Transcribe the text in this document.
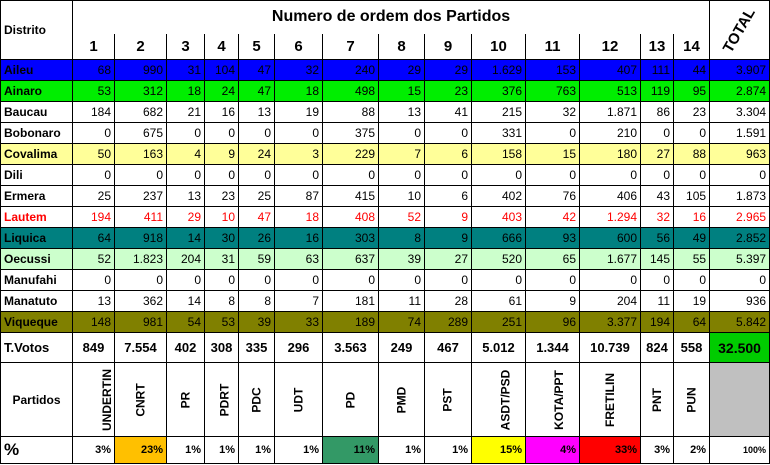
Distrito	Numero de ordem dos Partidos														TOTAL
	1	2	3	4	5	6	7	8	9	10	11	12	13	14	
Aileu	68	990	31	104	47	32	240	29	29	1.629	153	407	111	44	3.907
Ainaro	53	312	18	24	47	18	498	15	23	376	763	513	119	95	2.874
Baucau	184	682	21	16	13	19	88	13	41	215	32	1.871	86	23	3.304
Bobonaro	0	675	0	0	0	0	375	0	0	331	0	210	0	0	1.591
Covalima	50	163	4	9	24	3	229	7	6	158	15	180	27	88	963
Dili	0	0	0	0	0	0	0	0	0	0	0	0	0	0	0
Ermera	25	237	13	23	25	87	415	10	6	402	76	406	43	105	1.873
Lautem	194	411	29	10	47	18	408	52	9	403	42	1.294	32	16	2.965
Liquica	64	918	14	30	26	16	303	8	9	666	93	600	56	49	2.852
Oecussi	52	1.823	204	31	59	63	637	39	27	520	65	1.677	145	55	5.397
Manufahi	0	0	0	0	0	0	0	0	0	0	0	0	0	0	0
Manatuto	13	362	14	8	8	7	181	11	28	61	9	204	11	19	936
Viqueque	148	981	54	53	39	33	189	74	289	251	96	3.377	194	64	5.842
T.Votos	849	7.554	402	308	335	296	3.563	249	467	5.012	1.344	10.739	824	558	32.500
Partidos	UNDERTIN	CNRT	PR	PDRT	PDC	UDT	PD	PMD	PST	ASDT/PSD	KOTA/PPT	FRETILIN	PNT	PUN	
%	3%	23%	1%	1%	1%	1%	11%	1%	1%	15%	4%	33%	3%	2%	100%
